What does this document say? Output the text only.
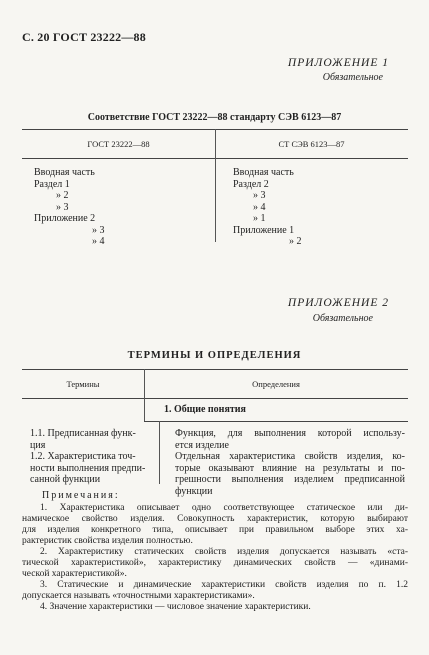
С. 20 ГОСТ 23222—88
ПРИЛОЖЕНИЕ 1
Обязательное
Соответствие ГОСТ 23222—88 стандарту СЭВ 6123—87
ГОСТ 23222—88	СТ СЭВ 6123—87
Вводная часть
Раздел 1
» 2
» 3
Приложение 2
» 3
» 4
Вводная часть
Раздел 2
» 3
» 4
» 1
Приложение 1
» 2
ПРИЛОЖЕНИЕ 2
Обязательное
ТЕРМИНЫ И ОПРЕДЕЛЕНИЯ
Термины	Определения
1. Общие понятия
1.1. Предписанная функ-
ция
Функция, для выполнения которой использу-
ется изделие
1.2. Характеристика точ-
ности выполнения предпи-
санной функции
Отдельная характеристика свойств изделия, ко-
торые оказывают влияние на результаты и по-
грешности выполнения изделием предписанной
функции
Примечания:
1. Характеристика описывает одно соответствующее статическое или ди-
намическое свойство изделия. Совокупность характеристик, которую выбирают
для изделия конкретного типа, описывает при правильном выборе этих ха-
рактеристик свойства изделия полностью.
2. Характеристику статических свойств изделия допускается называть «ста-
тической характеристикой», характеристику динамических свойств — «динами-
ческой характеристикой».
3. Статические и динамические характеристики свойств изделия по п. 1.2
допускается называть «точностными характеристиками».
4. Значение характеристики — числовое значение характеристики.
